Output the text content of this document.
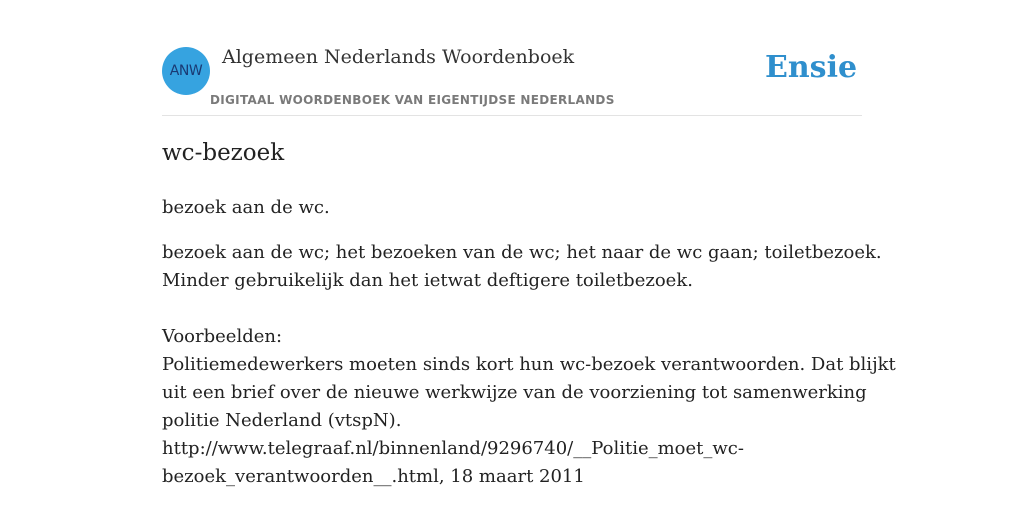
ANW
Algemeen Nederlands Woordenboek
DIGITAAL WOORDENBOEK VAN EIGENTIJDSE NEDERLANDS
Ensie
wc-bezoek
bezoek aan de wc.
bezoek aan de wc; het bezoeken van de wc; het naar de wc gaan; toiletbezoek.
Minder gebruikelijk dan het ietwat deftigere toiletbezoek.
Voorbeelden:
Politiemedewerkers moeten sinds kort hun wc-bezoek verantwoorden. Dat blijkt
uit een brief over de nieuwe werkwijze van de voorziening tot samenwerking
politie Nederland (vtspN).
http://www.telegraaf.nl/binnenland/9296740/__Politie_moet_wc-
bezoek_verantwoorden__.html, 18 maart 2011
